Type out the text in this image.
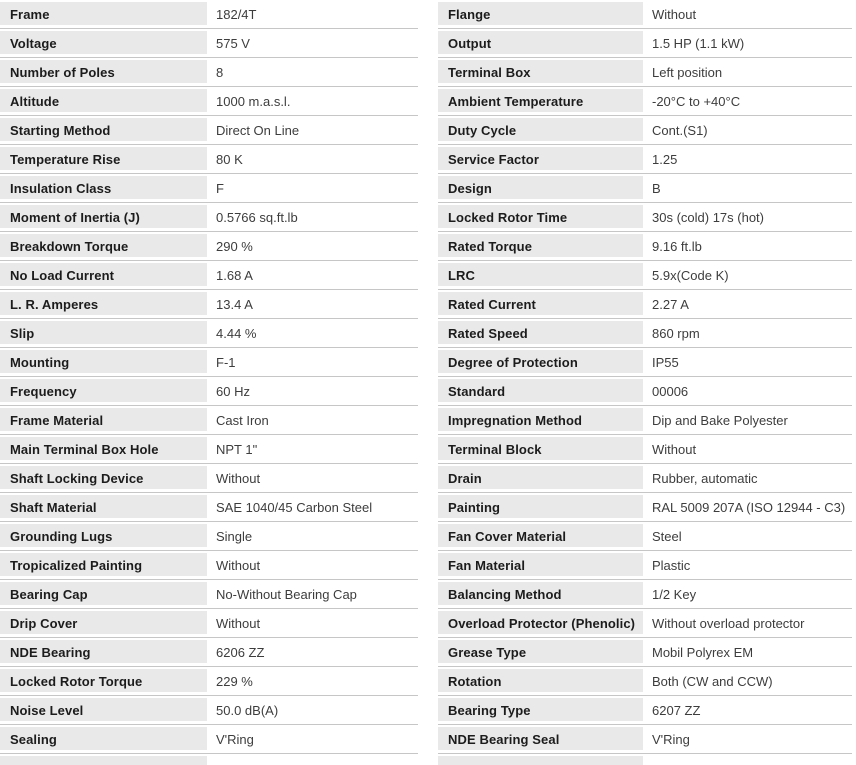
Frame	182/4T
Voltage	575 V
Number of Poles	8
Altitude	1000 m.a.s.l.
Starting Method	Direct On Line
Temperature Rise	80 K
Insulation Class	F
Moment of Inertia (J)	0.5766 sq.ft.lb
Breakdown Torque	290 %
No Load Current	1.68 A
L. R. Amperes	13.4 A
Slip	4.44 %
Mounting	F-1
Frequency	60 Hz
Frame Material	Cast Iron
Main Terminal Box Hole	NPT 1"
Shaft Locking Device	Without
Shaft Material	SAE 1040/45 Carbon Steel
Grounding Lugs	Single
Tropicalized Painting	Without
Bearing Cap	No-Without Bearing Cap
Drip Cover	Without
NDE Bearing	6206 ZZ
Locked Rotor Torque	229 %
Noise Level	50.0 dB(A)
Sealing	V'Ring
Flange	Without
Output	1.5 HP (1.1 kW)
Terminal Box	Left position
Ambient Temperature	-20°C to +40°C
Duty Cycle	Cont.(S1)
Service Factor	1.25
Design	B
Locked Rotor Time	30s (cold) 17s (hot)
Rated Torque	9.16 ft.lb
LRC	5.9x(Code K)
Rated Current	2.27 A
Rated Speed	860 rpm
Degree of Protection	IP55
Standard	00006
Impregnation Method	Dip and Bake Polyester
Terminal Block	Without
Drain	Rubber, automatic
Painting	RAL 5009 207A (ISO 12944 - C3)
Fan Cover Material	Steel
Fan Material	Plastic
Balancing Method	1/2 Key
Overload Protector (Phenolic)	Without overload protector
Grease Type	Mobil Polyrex EM
Rotation	Both (CW and CCW)
Bearing Type	6207 ZZ
NDE Bearing Seal	V'Ring
